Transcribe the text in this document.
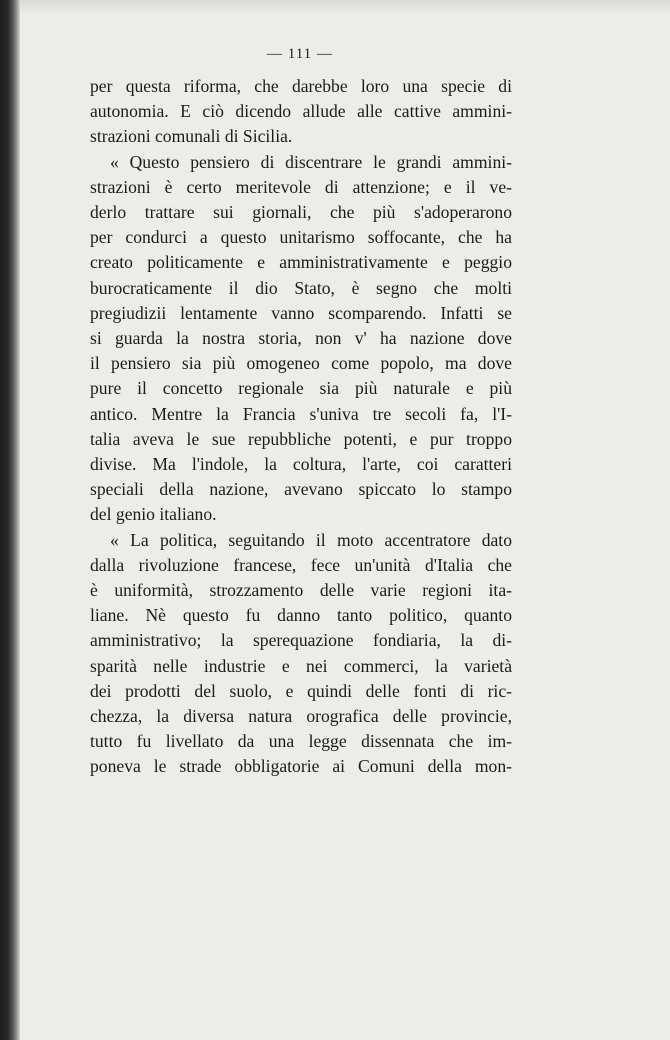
— 111 —

per questa riforma, che darebbe loro una specie di

autonomia. E ciò dicendo allude alle cattive ammini-

strazioni comunali di Sicilia.

« Questo pensiero di discentrare le grandi ammini-

strazioni è certo meritevole di attenzione; e il ve-

derlo trattare sui giornali, che più s'adoperarono

per condurci a questo unitarismo soffocante, che ha

creato politicamente e amministrativamente e peggio

burocraticamente il dio Stato, è segno che molti

pregiudizii lentamente vanno scomparendo. Infatti se

si guarda la nostra storia, non v' ha nazione dove

il pensiero sia più omogeneo come popolo, ma dove

pure il concetto regionale sia più naturale e più

antico. Mentre la Francia s'univa tre secoli fa, l'I-

talia aveva le sue repubbliche potenti, e pur troppo

divise. Ma l'indole, la coltura, l'arte, coi caratteri

speciali della nazione, avevano spiccato lo stampo

del genio italiano.

« La politica, seguitando il moto accentratore dato

dalla rivoluzione francese, fece un'unità d'Italia che

è uniformità, strozzamento delle varie regioni ita-

liane. Nè questo fu danno tanto politico, quanto

amministrativo; la sperequazione fondiaria, la di-

sparità nelle industrie e nei commerci, la varietà

dei prodotti del suolo, e quindi delle fonti di ric-

chezza, la diversa natura orografica delle provincie,

tutto fu livellato da una legge dissennata che im-

poneva le strade obbligatorie ai Comuni della mon-
